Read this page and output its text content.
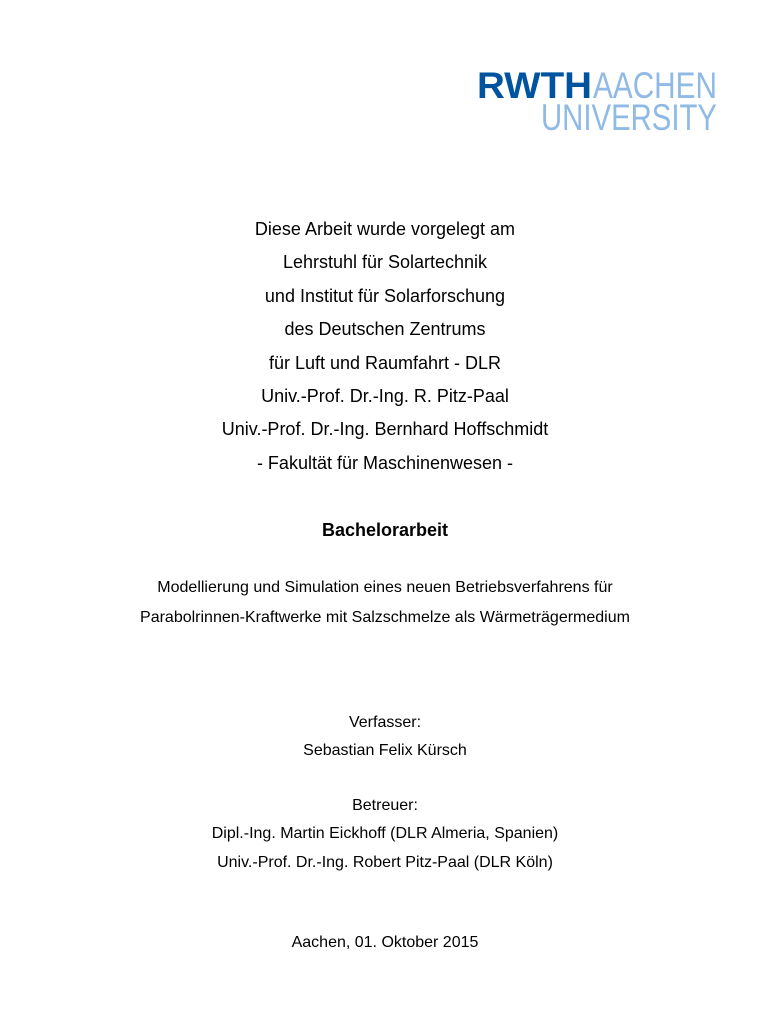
RWTH AACHEN
UNIVERSITY
Diese Arbeit wurde vorgelegt am
Lehrstuhl für Solartechnik
und Institut für Solarforschung
des Deutschen Zentrums
für Luft und Raumfahrt - DLR
Univ.-Prof. Dr.-Ing. R. Pitz-Paal
Univ.-Prof. Dr.-Ing. Bernhard Hoffschmidt
- Fakultät für Maschinenwesen -
Bachelorarbeit
Modellierung und Simulation eines neuen Betriebsverfahrens für
Parabolrinnen-Kraftwerke mit Salzschmelze als Wärmeträgermedium
Verfasser:
Sebastian Felix Kürsch
Betreuer:
Dipl.-Ing. Martin Eickhoff (DLR Almeria, Spanien)
Univ.-Prof. Dr.-Ing. Robert Pitz-Paal (DLR Köln)
Aachen, 01. Oktober 2015
